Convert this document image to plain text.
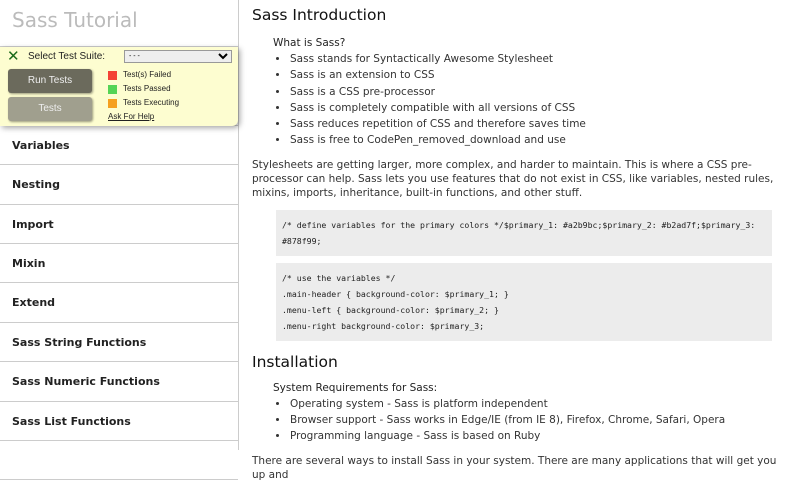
Sass Tutorial
Variables
Nesting
Import
Mixin
Extend
Sass String Functions
Sass Numeric Functions
Sass List Functions
Sass Introduction
What is Sass?
• Sass stands for Syntactically Awesome Stylesheet
• Sass is an extension to CSS
• Sass is a CSS pre-processor
• Sass is completely compatible with all versions of CSS
• Sass reduces repetition of CSS and therefore saves time
• Sass is free to CodePen_removed_download and use

Stylesheets are getting larger, more complex, and harder to maintain. This is where a CSS pre-processor can help. Sass lets you use features that do not exist in CSS, like variables, nested rules, mixins, imports, inheritance, built-in functions, and other stuff.

/* define variables for the primary colors */$primary_1: #a2b9bc;$primary_2: #b2ad7f;$primary_3:
#878f99;
/* use the variables */
.main-header { background-color: $primary_1; }
.menu-left { background-color: $primary_2; }
.menu-right background-color: $primary_3;
Installation
System Requirements for Sass:
• Operating system - Sass is platform independent
• Browser support - Sass works in Edge/IE (from IE 8), Firefox, Chrome, Safari, Opera
• Programming language - Sass is based on Ruby

There are several ways to install Sass in your system. There are many applications that will get you up and

✕ Select Test Suite:
- - -
Run Tests
Tests
Test(s) Failed
Tests Passed
Tests Executing
Ask For Help
